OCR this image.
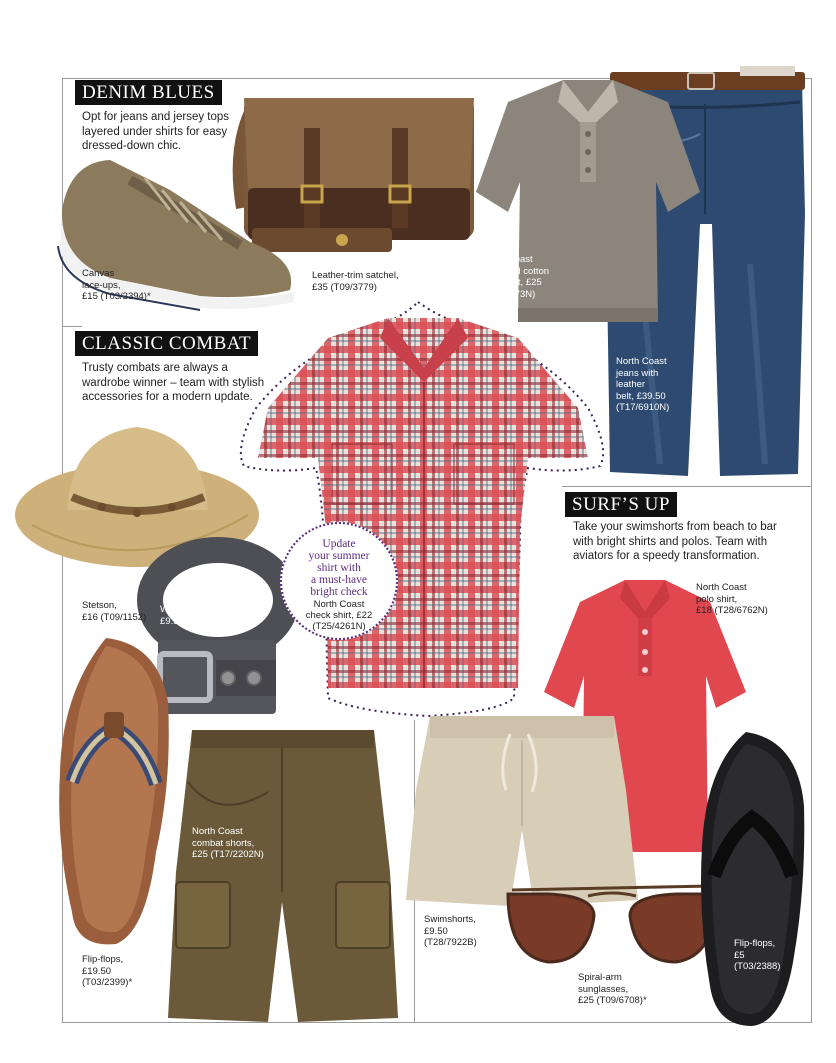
DENIM BLUES
Opt for jeans and jersey tops layered under shirts for easy dressed-down chic.
CLASSIC COMBAT
Trusty combats are always a wardrobe winner – team with stylish accessories for a modern update.
SURF’S UP
Take your swimshorts from beach to bar with bright shirts and polos. Team with aviators for a speedy transformation.
Canvas
lace-ups,
£15 (T03/2394)*
Leather-trim satchel,
£35 (T09/3779)
North Coast
linen and cotton
polo shirt, £25
(T30/4373N)
North Coast
jeans with
leather
belt, £39.50
(T17/6910N)
Stetson,
£16 (T09/1152)
Woven cargo belt,
£9.50 (T09/2705N)
North Coast
polo shirt,
£18 (T28/6762N)
Flip-flops,
£19.50
(T03/2399)*
North Coast
combat shorts,
£25 (T17/2202N)
Swimshorts,
£9.50
(T28/7922B)
Spiral-arm
sunglasses,
£25 (T09/6708)*
Flip-flops,
£5
(T03/2388)
Update
your summer
shirt with
a must-have
bright check
North Coast
check shirt, £22
(T25/4261N)
